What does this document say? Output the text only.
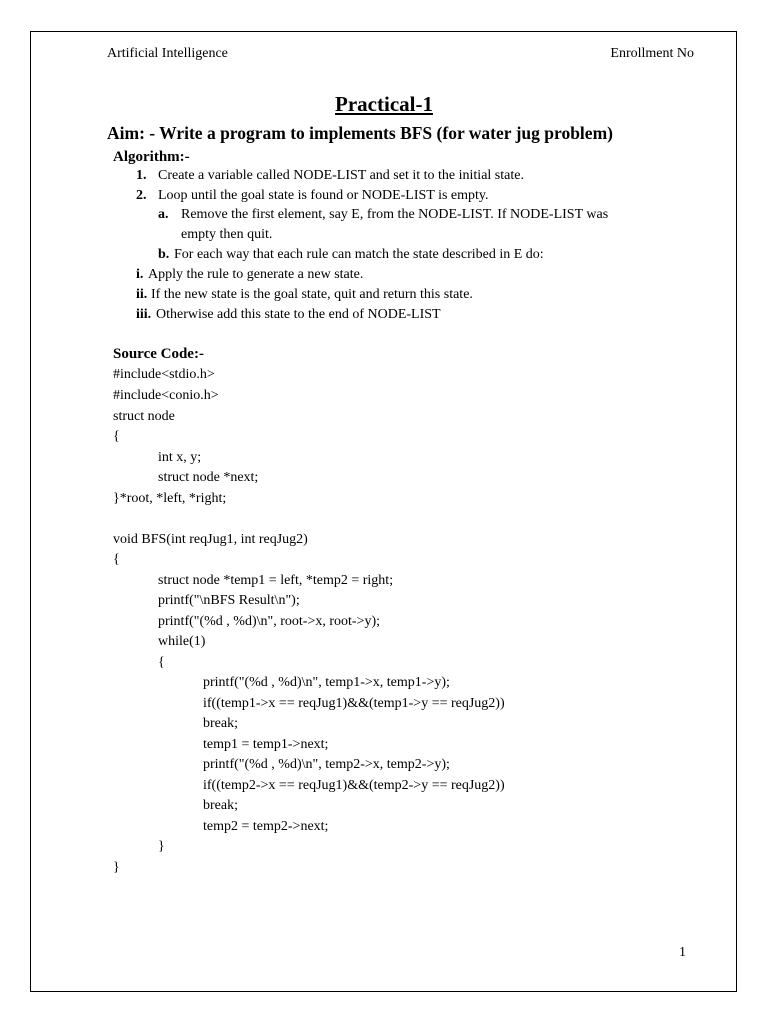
Artificial Intelligence	Enrollment No
Practical-1
Aim: - Write a program to implements BFS (for water jug problem)
Algorithm:-
1. Create a variable called NODE-LIST and set it to the initial state.
2. Loop until the goal state is found or NODE-LIST is empty.
a. Remove the first element, say E, from the NODE-LIST. If NODE-LIST was
empty then quit.
b. For each way that each rule can match the state described in E do:
i. Apply the rule to generate a new state.
ii. If the new state is the goal state, quit and return this state.
iii. Otherwise add this state to the end of NODE-LIST
Source Code:-
#include<stdio.h>
#include<conio.h>
struct node
{
int x, y;
struct node *next;
}*root, *left, *right;
void BFS(int reqJug1, int reqJug2)
{
struct node *temp1 = left, *temp2 = right;
printf("\nBFS Result\n");
printf("(%d , %d)\n", root->x, root->y);
while(1)
{
printf("(%d , %d)\n", temp1->x, temp1->y);
if((temp1->x == reqJug1)&&(temp1->y == reqJug2))
break;
temp1 = temp1->next;
printf("(%d , %d)\n", temp2->x, temp2->y);
if((temp2->x == reqJug1)&&(temp2->y == reqJug2))
break;
temp2 = temp2->next;
}
}
1
